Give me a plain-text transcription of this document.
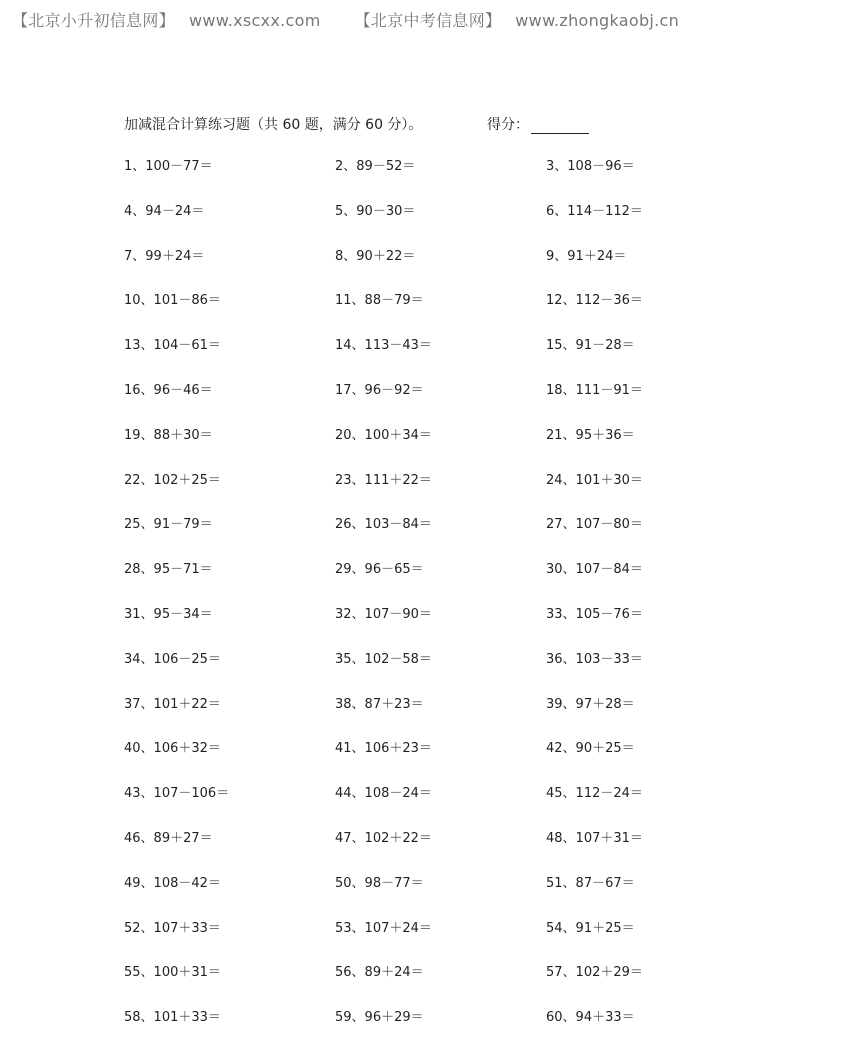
【北京小升初信息网】 www.xscxx.com 【北京中考信息网】 www.zhongkaobj.cn
加减混合计算练习题（共 60 题，满分 60 分）。	得分：
1、100－77＝	2、89－52＝	3、108－96＝
4、94－24＝	5、90－30＝	6、114－112＝
7、99＋24＝	8、90＋22＝	9、91＋24＝
10、101－86＝	11、88－79＝	12、112－36＝
13、104－61＝	14、113－43＝	15、91－28＝
16、96－46＝	17、96－92＝	18、111－91＝
19、88＋30＝	20、100＋34＝	21、95＋36＝
22、102＋25＝	23、111＋22＝	24、101＋30＝
25、91－79＝	26、103－84＝	27、107－80＝
28、95－71＝	29、96－65＝	30、107－84＝
31、95－34＝	32、107－90＝	33、105－76＝
34、106－25＝	35、102－58＝	36、103－33＝
37、101＋22＝	38、87＋23＝	39、97＋28＝
40、106＋32＝	41、106＋23＝	42、90＋25＝
43、107－106＝	44、108－24＝	45、112－24＝
46、89＋27＝	47、102＋22＝	48、107＋31＝
49、108－42＝	50、98－77＝	51、87－67＝
52、107＋33＝	53、107＋24＝	54、91＋25＝
55、100＋31＝	56、89＋24＝	57、102＋29＝
58、101＋33＝	59、96＋29＝	60、94＋33＝
